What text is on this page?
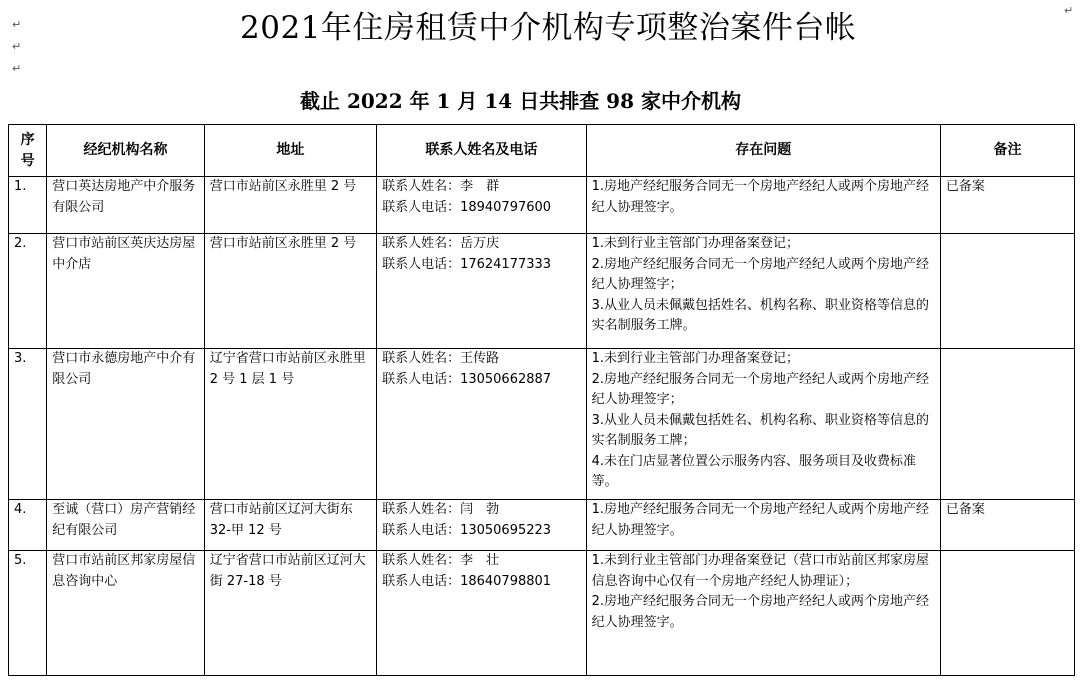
↵
↵
↵
↵
2021年住房租赁中介机构专项整治案件台帐
截止 2022 年 1 月 14 日共排查 98 家中介机构
序号	经纪机构名称	地址	联系人姓名及电话	存在问题	备注
1.	营口英达房地产中介服务有限公司	营口市站前区永胜里 2 号	联系人姓名：李　群
联系人电话：18940797600	1.房地产经纪服务合同无一个房地产经纪人或两个房地产经纪人协理签字。	已备案
2.	营口市站前区英庆达房屋中介店	营口市站前区永胜里 2 号	联系人姓名：岳万庆
联系人电话：17624177333	1.未到行业主管部门办理备案登记；
2.房地产经纪服务合同无一个房地产经纪人或两个房地产经纪人协理签字；
3.从业人员未佩戴包括姓名、机构名称、职业资格等信息的实名制服务工牌。	

3.	营口市永德房地产中介有限公司	辽宁省营口市站前区永胜里 2 号 1 层 1 号	联系人姓名：王传路
联系人电话：13050662887	1.未到行业主管部门办理备案登记；
2.房地产经纪服务合同无一个房地产经纪人或两个房地产经纪人协理签字；
3.从业人员未佩戴包括姓名、机构名称、职业资格等信息的实名制服务工牌；
4.未在门店显著位置公示服务内容、服务项目及收费标准等。	

4.	至诚（营口）房产营销经纪有限公司	营口市站前区辽河大街东 32-甲 12 号	联系人姓名：闫　勃
联系人电话：13050695223	1.房地产经纪服务合同无一个房地产经纪人或两个房地产经纪人协理签字。	已备案
5.	营口市站前区邦家房屋信息咨询中心	辽宁省营口市站前区辽河大街 27-18 号	联系人姓名：李　壮
联系人电话：18640798801	1.未到行业主管部门办理备案登记（营口市站前区邦家房屋信息咨询中心仅有一个房地产经纪人协理证）；
2.房地产经纪服务合同无一个房地产经纪人或两个房地产经纪人协理签字。	
